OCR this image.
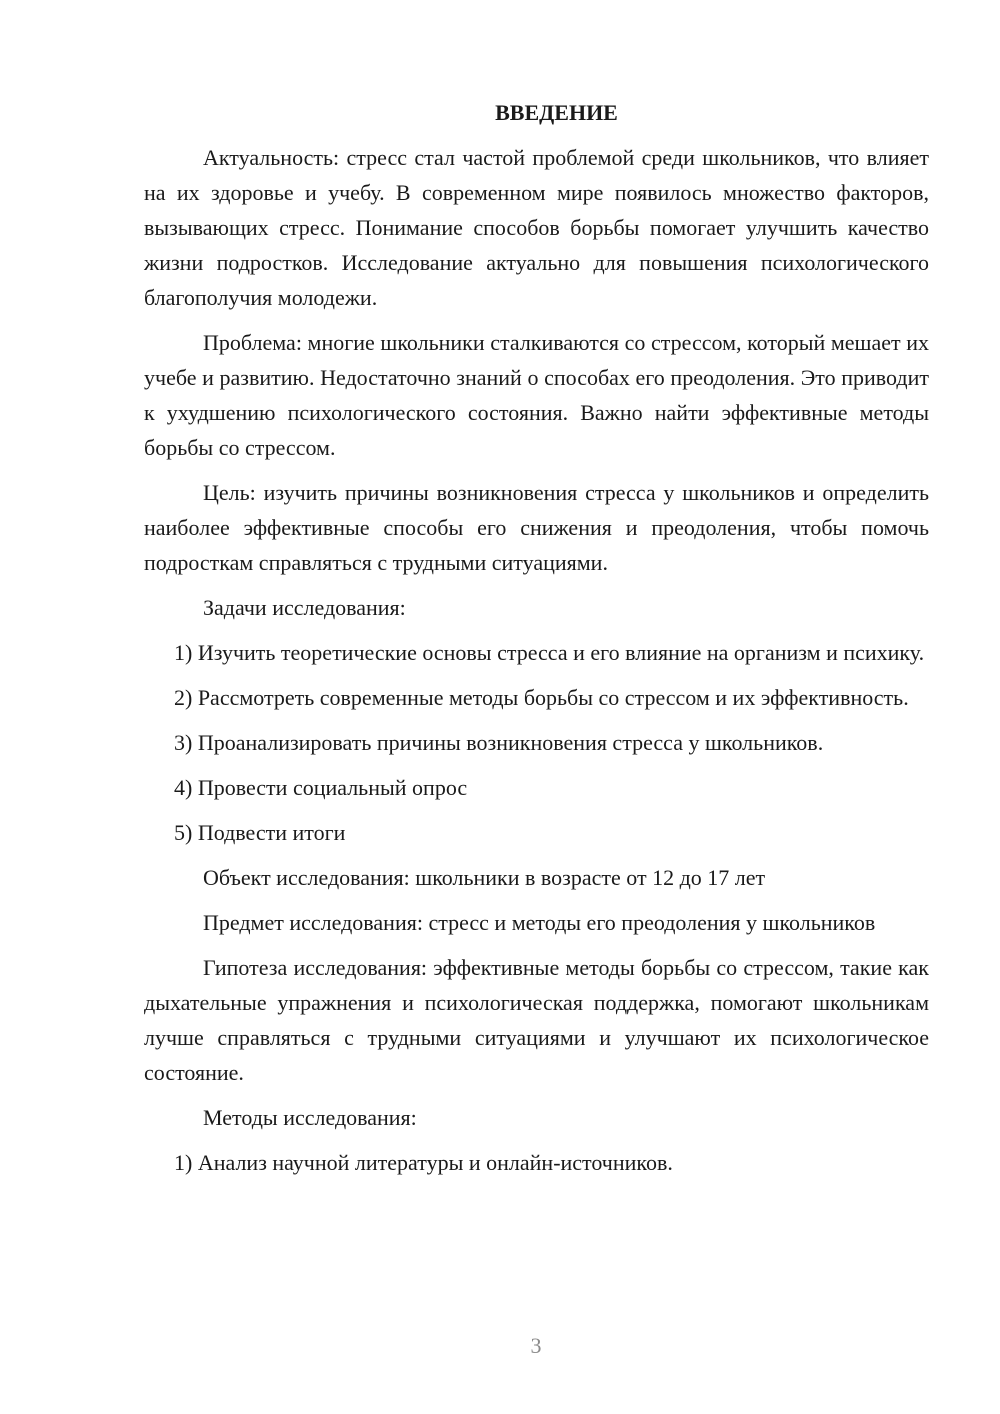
ВВЕДЕНИЕ

Актуальность: стресс стал частой проблемой среди школьников, что влияет на их здоровье и учебу. В современном мире появилось множество факторов, вызывающих стресс. Понимание способов борьбы помогает улучшить качество жизни подростков. Исследование актуально для повышения психологического благополучия молодежи.

Проблема: многие школьники сталкиваются со стрессом, который мешает их учебе и развитию. Недостаточно знаний о способах его преодоления. Это приводит к ухудшению психологического состояния. Важно найти эффективные методы борьбы со стрессом.

Цель: изучить причины возникновения стресса у школьников и определить наиболее эффективные способы его снижения и преодоления, чтобы помочь подросткам справляться с трудными ситуациями.

Задачи исследования:

1) Изучить теоретические основы стресса и его влияние на организм и психику.

2) Рассмотреть современные методы борьбы со стрессом и их эффективность.

3) Проанализировать причины возникновения стресса у школьников.

4) Провести социальный опрос

5) Подвести итоги

Объект исследования: школьники в возрасте от 12 до 17 лет

Предмет исследования: стресс и методы его преодоления у школьников

Гипотеза исследования: эффективные методы борьбы со стрессом, такие как дыхательные упражнения и психологическая поддержка, помогают школьникам лучше справляться с трудными ситуациями и улучшают их психологическое состояние.

Методы исследования:

1) Анализ научной литературы и онлайн-источников.

3
